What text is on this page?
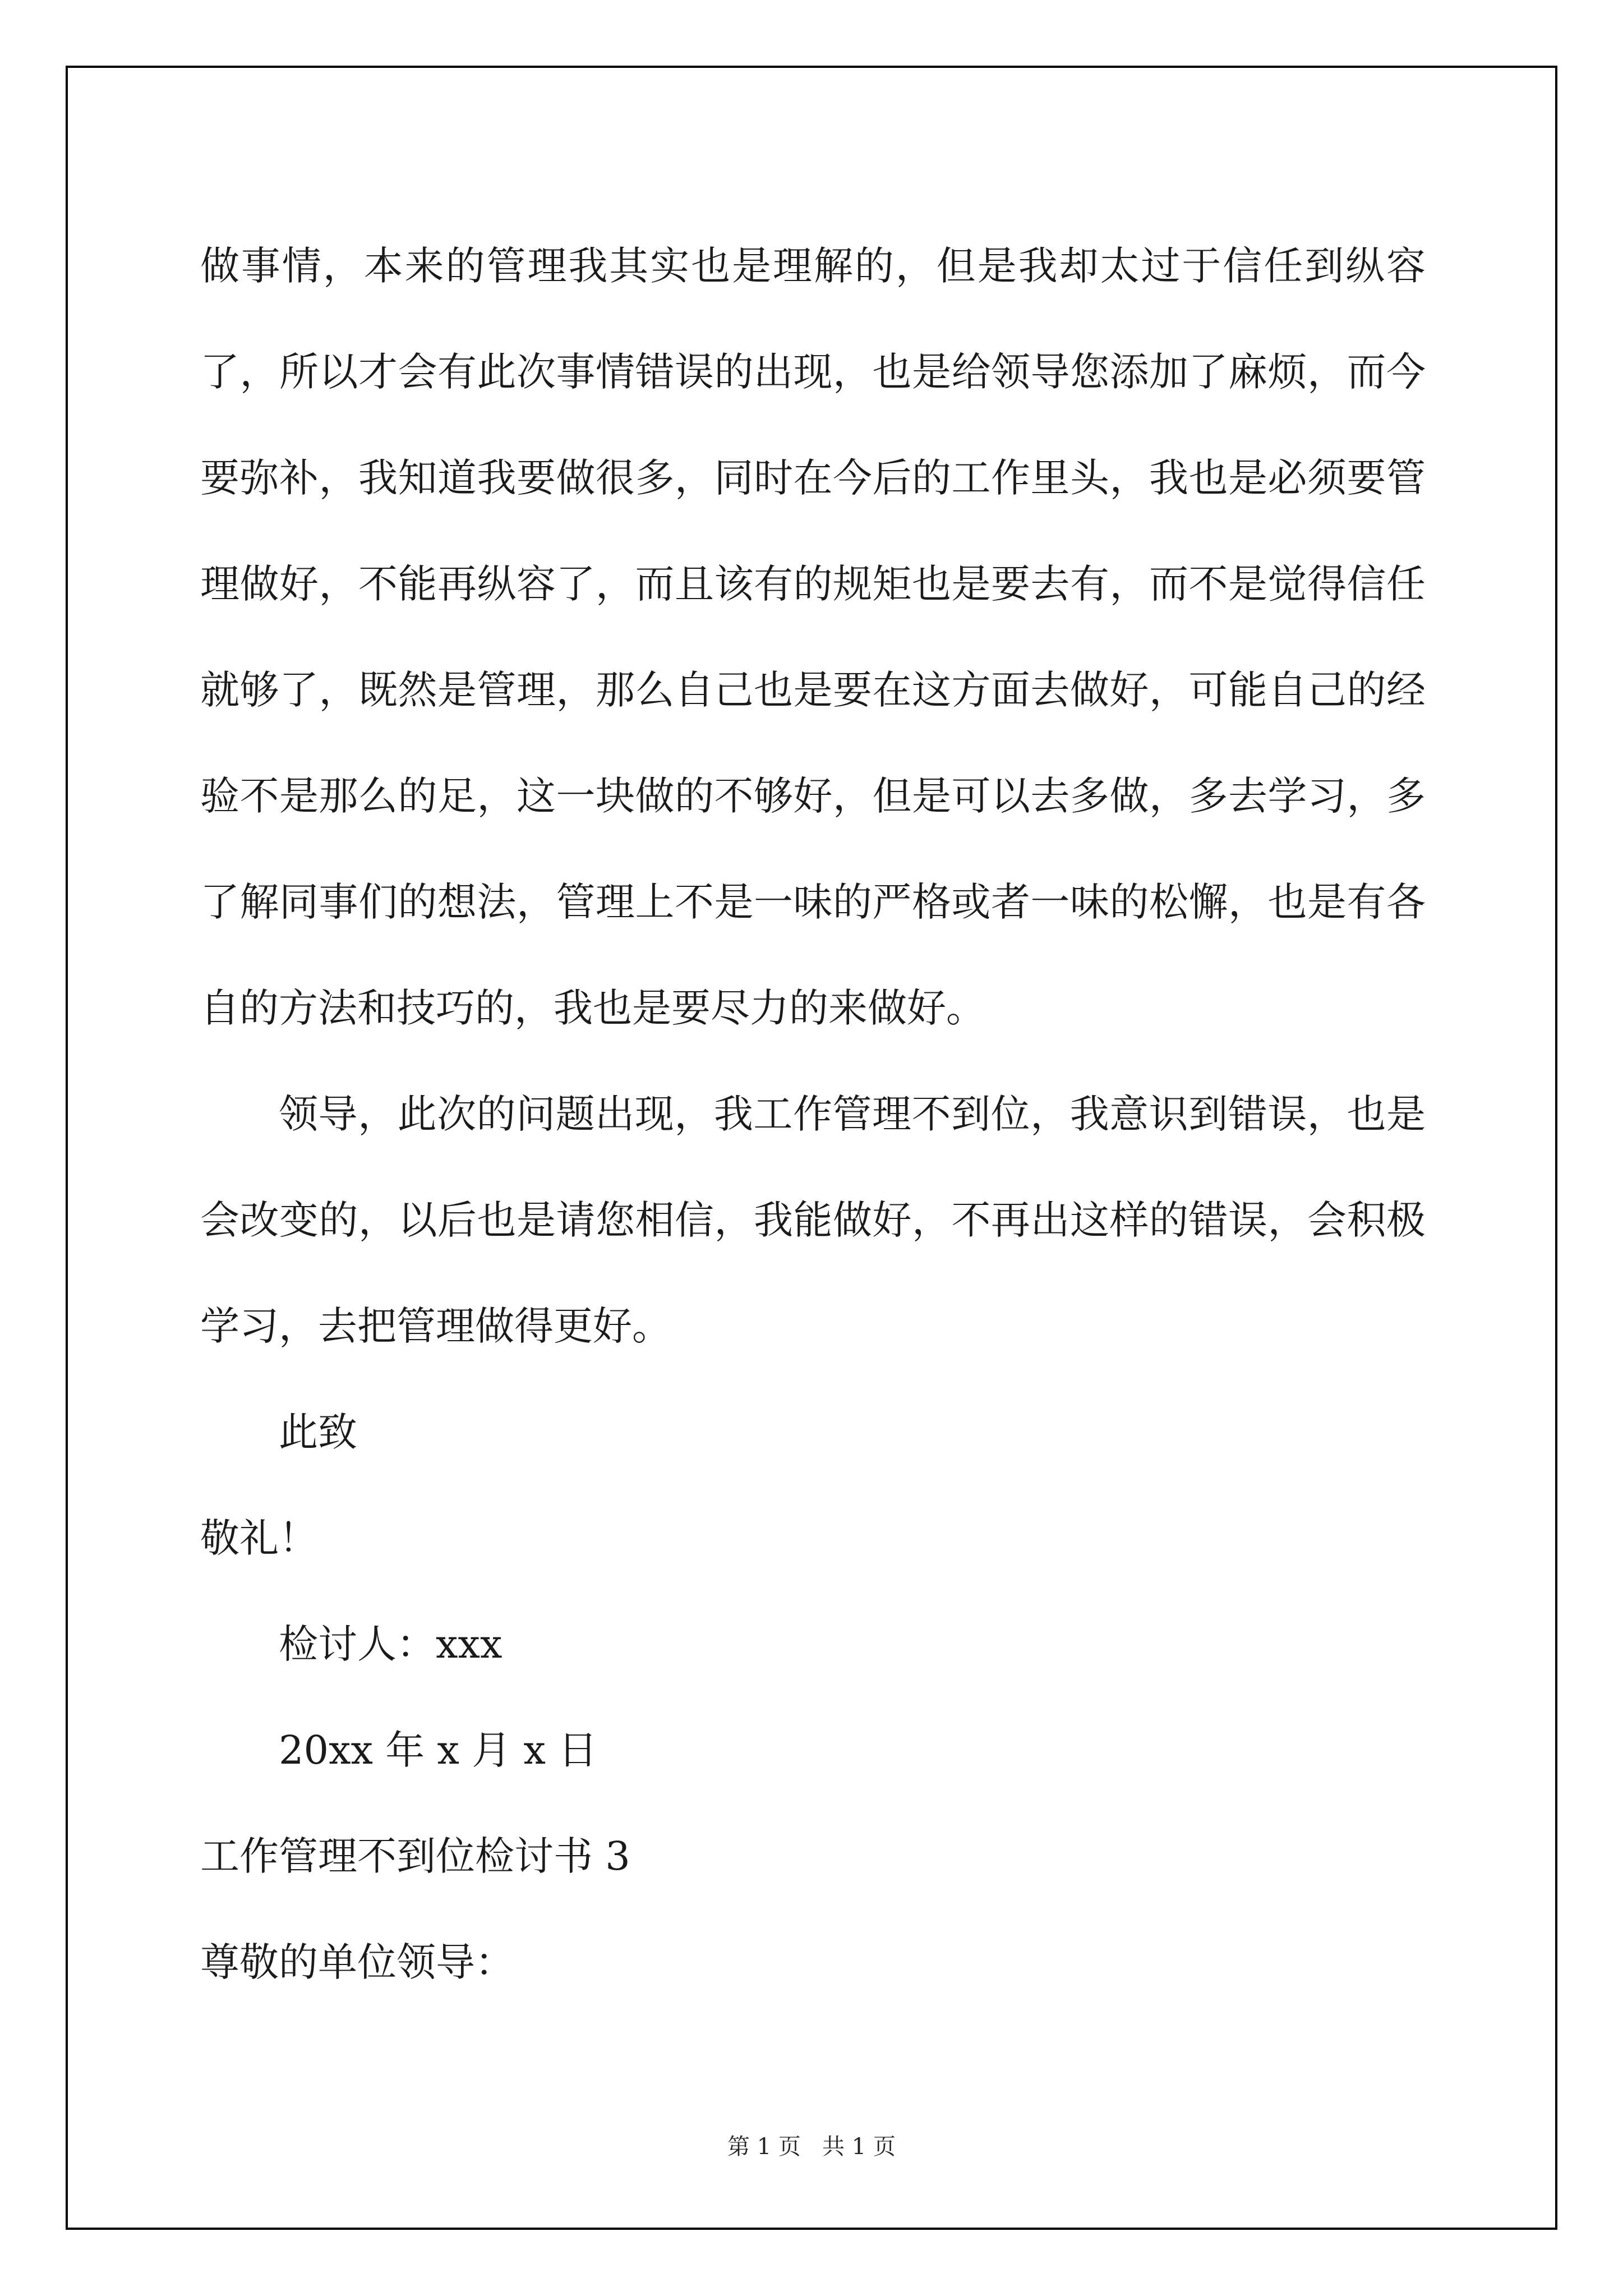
做事情，本来的管理我其实也是理解的，但是我却太过于信任到纵容了，所以才会有此次事情错误的出现，也是给领导您添加了麻烦，而今要弥补，我知道我要做很多，同时在今后的工作里头，我也是必须要管理做好，不能再纵容了，而且该有的规矩也是要去有，而不是觉得信任就够了，既然是管理，那么自己也是要在这方面去做好，可能自己的经验不是那么的足，这一块做的不够好，但是可以去多做，多去学习，多了解同事们的想法，管理上不是一味的严格或者一味的松懈，也是有各自的方法和技巧的，我也是要尽力的来做好。

领导，此次的问题出现，我工作管理不到位，我意识到错误，也是会改变的，以后也是请您相信，我能做好，不再出这样的错误，会积极学习，去把管理做得更好。

此致

敬礼！

检讨人：xxx

20xx 年 x 月 x 日

工作管理不到位检讨书 3

尊敬的单位领导：

第 1 页   共 1 页
